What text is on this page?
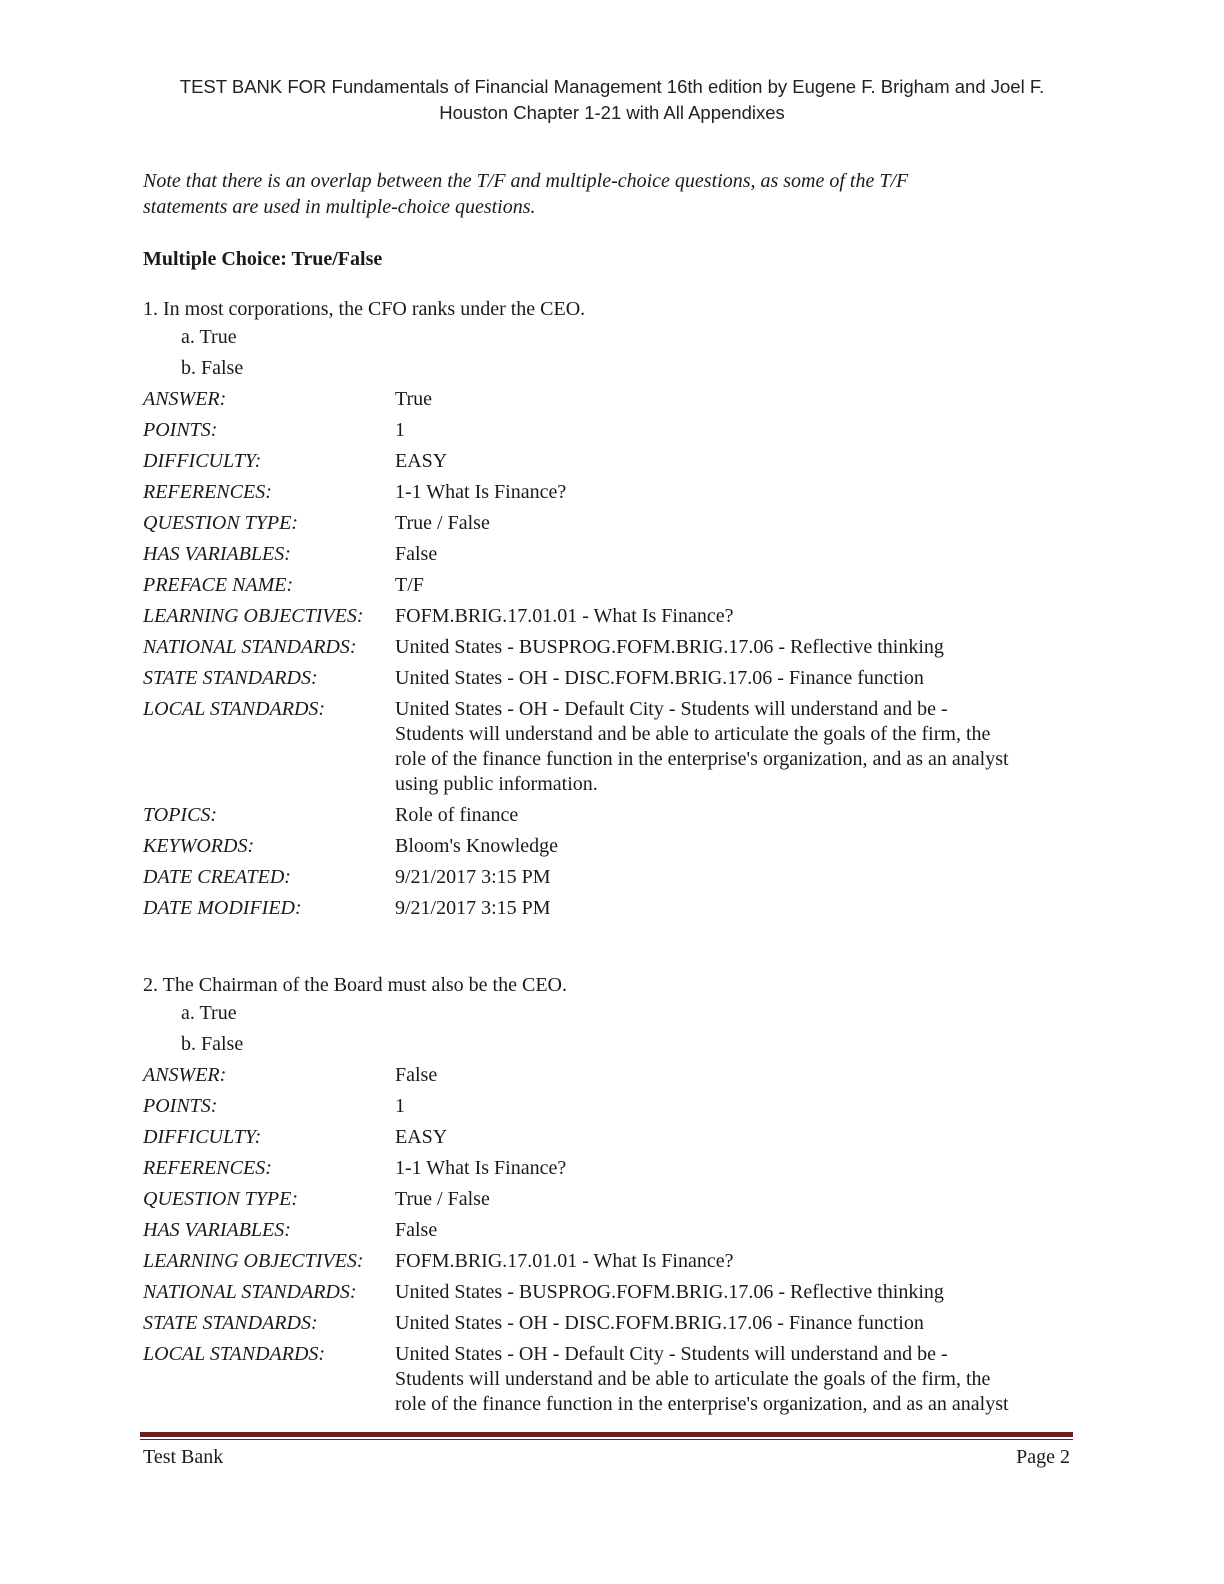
TEST BANK FOR Fundamentals of Financial Management 16th edition by Eugene F. Brigham and Joel F.
Houston Chapter 1-21 with All Appendixes

Note that there is an overlap between the T/F and multiple-choice questions, as some of the T/F
statements are used in multiple-choice questions.

Multiple Choice: True/False
1. In most corporations, the CFO ranks under the CEO.
a. True
b. False
ANSWER:	True
POINTS:	1
DIFFICULTY:	EASY
REFERENCES:	1-1 What Is Finance?
QUESTION TYPE:	True / False
HAS VARIABLES:	False
PREFACE NAME:	T/F
LEARNING OBJECTIVES:	FOFM.BRIG.17.01.01 - What Is Finance?
NATIONAL STANDARDS:	United States - BUSPROG.FOFM.BRIG.17.06 - Reflective thinking
STATE STANDARDS:	United States - OH - DISC.FOFM.BRIG.17.06 - Finance function
LOCAL STANDARDS:	United States - OH - Default City - Students will understand and be -
Students will understand and be able to articulate the goals of the firm, the
role of the finance function in the enterprise's organization, and as an analyst
using public information.
TOPICS:	Role of finance
KEYWORDS:	Bloom's Knowledge
DATE CREATED:	9/21/2017 3:15 PM
DATE MODIFIED:	9/21/2017 3:15 PM
2. The Chairman of the Board must also be the CEO.
a. True
b. False
ANSWER:	False
POINTS:	1
DIFFICULTY:	EASY
REFERENCES:	1-1 What Is Finance?
QUESTION TYPE:	True / False
HAS VARIABLES:	False
LEARNING OBJECTIVES:	FOFM.BRIG.17.01.01 - What Is Finance?
NATIONAL STANDARDS:	United States - BUSPROG.FOFM.BRIG.17.06 - Reflective thinking
STATE STANDARDS:	United States - OH - DISC.FOFM.BRIG.17.06 - Finance function
LOCAL STANDARDS:	United States - OH - Default City - Students will understand and be -
Students will understand and be able to articulate the goals of the firm, the
role of the finance function in the enterprise's organization, and as an analyst
Test Bank	Page 2
